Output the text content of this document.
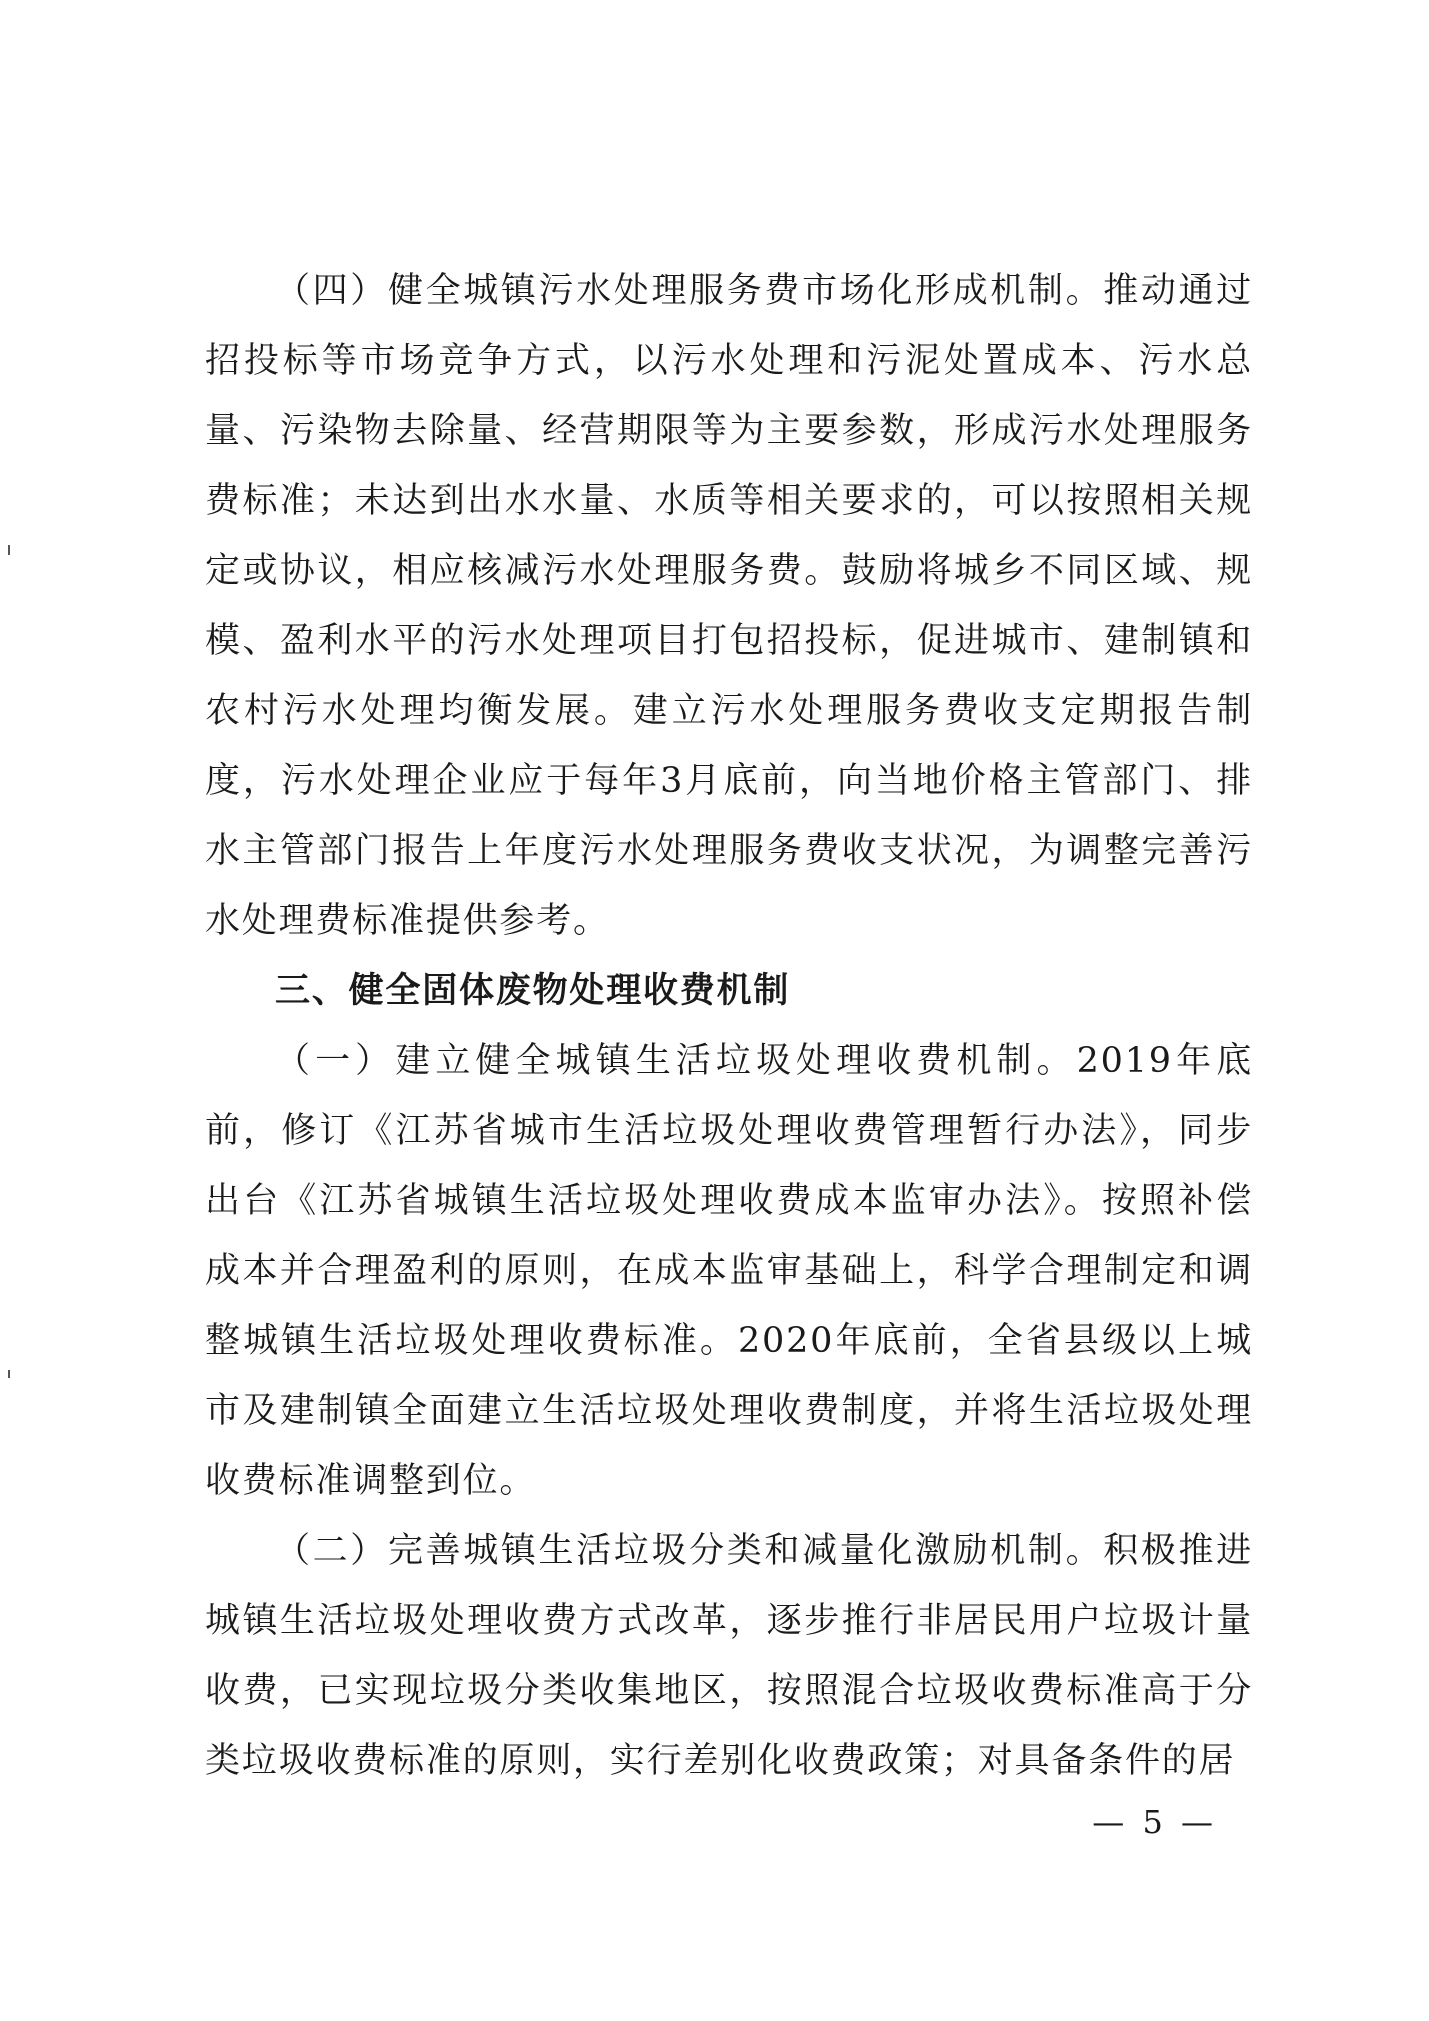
（四）健全城镇污水处理服务费市场化形成机制。推动通过招投标等市场竞争方式，以污水处理和污泥处置成本、污水总量、污染物去除量、经营期限等为主要参数，形成污水处理服务费标准；未达到出水水量、水质等相关要求的，可以按照相关规定或协议，相应核减污水处理服务费。鼓励将城乡不同区域、规模、盈利水平的污水处理项目打包招投标，促进城市、建制镇和农村污水处理均衡发展。建立污水处理服务费收支定期报告制度，污水处理企业应于每年3月底前，向当地价格主管部门、排水主管部门报告上年度污水处理服务费收支状况，为调整完善污水处理费标准提供参考。

三、健全固体废物处理收费机制

（一）建立健全城镇生活垃圾处理收费机制。2019年底前，修订《江苏省城市生活垃圾处理收费管理暂行办法》，同步出台《江苏省城镇生活垃圾处理收费成本监审办法》。按照补偿成本并合理盈利的原则，在成本监审基础上，科学合理制定和调整城镇生活垃圾处理收费标准。2020年底前，全省县级以上城市及建制镇全面建立生活垃圾处理收费制度，并将生活垃圾处理收费标准调整到位。

（二）完善城镇生活垃圾分类和减量化激励机制。积极推进城镇生活垃圾处理收费方式改革，逐步推行非居民用户垃圾计量收费，已实现垃圾分类收集地区，按照混合垃圾收费标准高于分类垃圾收费标准的原则，实行差别化收费政策；对具备条件的居

— 5 —
